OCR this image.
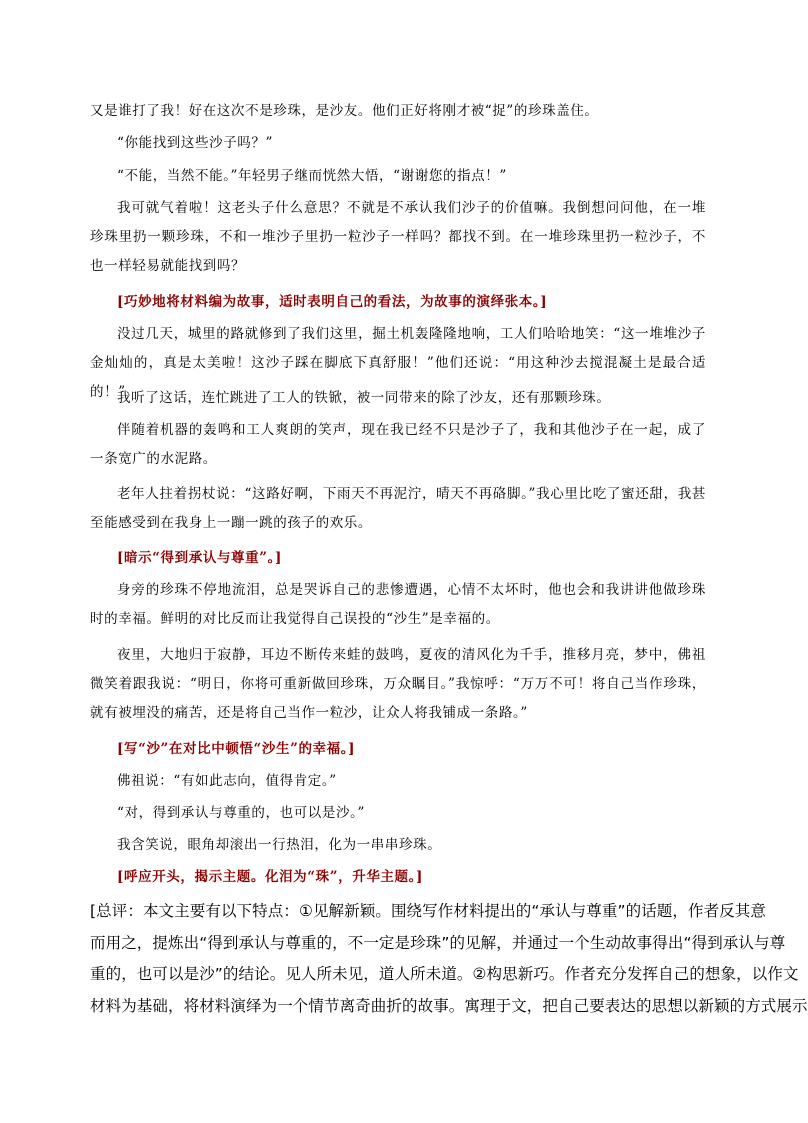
又是谁打了我！好在这次不是珍珠，是沙友。他们正好将刚才被“捉”的珍珠盖住。

“你能找到这些沙子吗？”

“不能，当然不能。”年轻男子继而恍然大悟，“谢谢您的指点！”

我可就气着啦！这老头子什么意思？不就是不承认我们沙子的价值嘛。我倒想问问他，在一堆珍珠里扔一颗珍珠，不和一堆沙子里扔一粒沙子一样吗？都找不到。在一堆珍珠里扔一粒沙子，不也一样轻易就能找到吗？

[巧妙地将材料编为故事，适时表明自己的看法，为故事的演绎张本。]

没过几天，城里的路就修到了我们这里，掘土机轰隆隆地响，工人们哈哈地笑：“这一堆堆沙子金灿灿的，真是太美啦！这沙子踩在脚底下真舒服！”他们还说：“用这种沙去搅混凝土是最合适的！”

我听了这话，连忙跳进了工人的铁锨，被一同带来的除了沙友，还有那颗珍珠。

伴随着机器的轰鸣和工人爽朗的笑声，现在我已经不只是沙子了，我和其他沙子在一起，成了一条宽广的水泥路。

老年人拄着拐杖说：“这路好啊，下雨天不再泥泞，晴天不再硌脚。”我心里比吃了蜜还甜，我甚至能感受到在我身上一蹦一跳的孩子的欢乐。

[暗示“得到承认与尊重”。]

身旁的珍珠不停地流泪，总是哭诉自己的悲惨遭遇，心情不太坏时，他也会和我讲讲他做珍珠时的幸福。鲜明的对比反而让我觉得自己误投的“沙生”是幸福的。

夜里，大地归于寂静，耳边不断传来蛙的鼓鸣，夏夜的清风化为千手，推移月亮，梦中，佛祖微笑着跟我说：“明日，你将可重新做回珍珠，万众瞩目。”我惊呼：“万万不可！将自己当作珍珠，就有被埋没的痛苦，还是将自己当作一粒沙，让众人将我铺成一条路。”

[写“沙”在对比中顿悟“沙生”的幸福。]

佛祖说：“有如此志向，值得肯定。”

“对，得到承认与尊重的，也可以是沙。”

我含笑说，眼角却滚出一行热泪，化为一串串珍珠。

[呼应开头，揭示主题。化泪为“珠”，升华主题。]

[总评：本文主要有以下特点：①见解新颖。围绕写作材料提出的“承认与尊重”的话题，作者反其意
而用之，提炼出“得到承认与尊重的，不一定是珍珠”的见解，并通过一个生动故事得出“得到承认与尊
重的，也可以是沙”的结论。见人所未见，道人所未道。②构思新巧。作者充分发挥自己的想象，以作文
材料为基础，将材料演绎为一个情节离奇曲折的故事。寓理于文，把自己要表达的思想以新颖的方式展示
